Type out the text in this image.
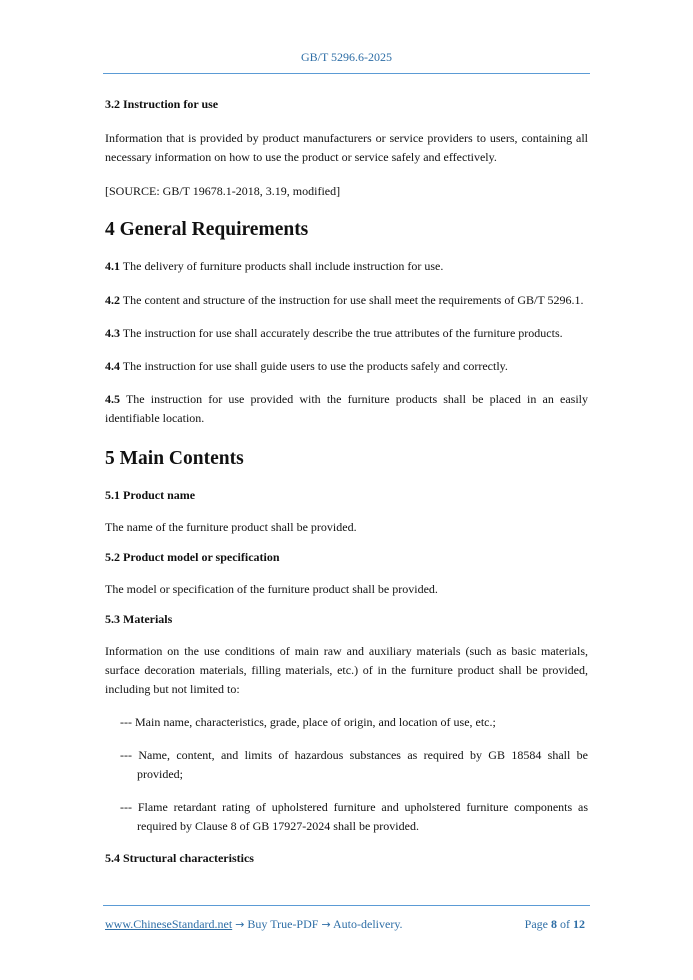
GB/T 5296.6-2025

3.2 Instruction for use

Information that is provided by product manufacturers or service providers to users, containing all necessary information on how to use the product or service safely and effectively.

[SOURCE: GB/T 19678.1-2018, 3.19, modified]

4 General Requirements

4.1 The delivery of furniture products shall include instruction for use.

4.2 The content and structure of the instruction for use shall meet the requirements of GB/T 5296.1.

4.3 The instruction for use shall accurately describe the true attributes of the furniture products.

4.4 The instruction for use shall guide users to use the products safely and correctly.

4.5 The instruction for use provided with the furniture products shall be placed in an easily identifiable location.

5 Main Contents

5.1 Product name

The name of the furniture product shall be provided.

5.2 Product model or specification

The model or specification of the furniture product shall be provided.

5.3 Materials

Information on the use conditions of main raw and auxiliary materials (such as basic materials, surface decoration materials, filling materials, etc.) of in the furniture product shall be provided, including but not limited to:

--- Main name, characteristics, grade, place of origin, and location of use, etc.;

--- Name, content, and limits of hazardous substances as required by GB 18584 shall be provided;

--- Flame retardant rating of upholstered furniture and upholstered furniture components as required by Clause 8 of GB 17927-2024 shall be provided.

5.4 Structural characteristics

www.ChineseStandard.net → Buy True-PDF → Auto-delivery.	Page 8 of 12
